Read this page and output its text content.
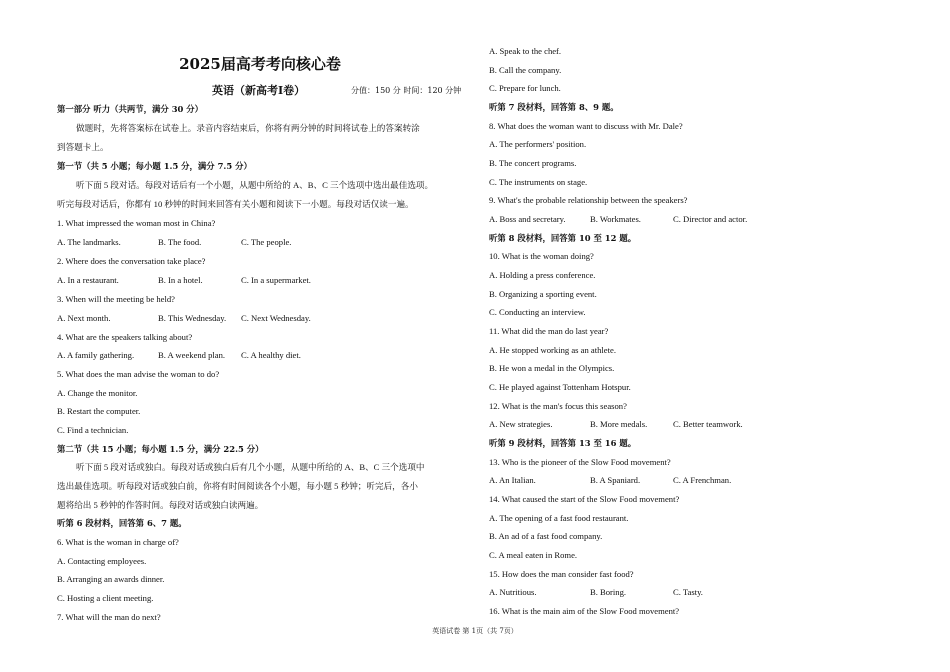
2025届高考考向核心卷
英语（新高考Ⅰ卷）	分值：150 分 时间：120 分钟
第一部分 听力（共两节，满分 30 分）
做题时，先将答案标在试卷上。录音内容结束后，你将有两分钟的时间将试卷上的答案转涂
到答题卡上。
第一节（共 5 小题；每小题 1.5 分，满分 7.5 分）
听下面 5 段对话。每段对话后有一个小题，从题中所给的 A、B、C 三个选项中选出最佳选项。
听完每段对话后，你都有 10 秒钟的时间来回答有关小题和阅读下一小题。每段对话仅读一遍。
1. What impressed the woman most in China?
A. The landmarks.	B. The food.	C. The people.
2. Where does the conversation take place?
A. In a restaurant.	B. In a hotel.	C. In a supermarket.
3. When will the meeting be held?
A. Next month.	B. This Wednesday. C. Next Wednesday.
4. What are the speakers talking about?
A. A family gathering.	B. A weekend plan. C. A healthy diet.
5. What does the man advise the woman to do?
A. Change the monitor.
B. Restart the computer.
C. Find a technician.
第二节（共 15 小题；每小题 1.5 分，满分 22.5 分）
听下面 5 段对话或独白。每段对话或独白后有几个小题，从题中所给的 A、B、C 三个选项中
选出最佳选项。听每段对话或独白前，你将有时间阅读各个小题，每小题 5 秒钟；听完后，各小
题将给出 5 秒钟的作答时间。每段对话或独白读两遍。
听第 6 段材料，回答第 6、7 题。
6. What is the woman in charge of?
A. Contacting employees.
B. Arranging an awards dinner.
C. Hosting a client meeting.
7. What will the man do next?
A. Speak to the chef.
B. Call the company.
C. Prepare for lunch.
听第 7 段材料，回答第 8、9 题。
8. What does the woman want to discuss with Mr. Dale?
A. The performers' position.
B. The concert programs.
C. The instruments on stage.
9. What's the probable relationship between the speakers?
A. Boss and secretary.	B. Workmates.	C. Director and actor.
听第 8 段材料，回答第 10 至 12 题。
10. What is the woman doing?
A. Holding a press conference.
B. Organizing a sporting event.
C. Conducting an interview.
11. What did the man do last year?
A. He stopped working as an athlete.
B. He won a medal in the Olympics.
C. He played against Tottenham Hotspur.
12. What is the man's focus this season?
A. New strategies.	B. More medals.	C. Better teamwork.
听第 9 段材料，回答第 13 至 16 题。
13. Who is the pioneer of the Slow Food movement?
A. An Italian.	B. A Spaniard.	C. A Frenchman.
14. What caused the start of the Slow Food movement?
A. The opening of a fast food restaurant.
B. An ad of a fast food company.
C. A meal eaten in Rome.
15. How does the man consider fast food?
A. Nutritious.	B. Boring.	C. Tasty.
16. What is the main aim of the Slow Food movement?
英语试卷 第 1页（共 7页）
